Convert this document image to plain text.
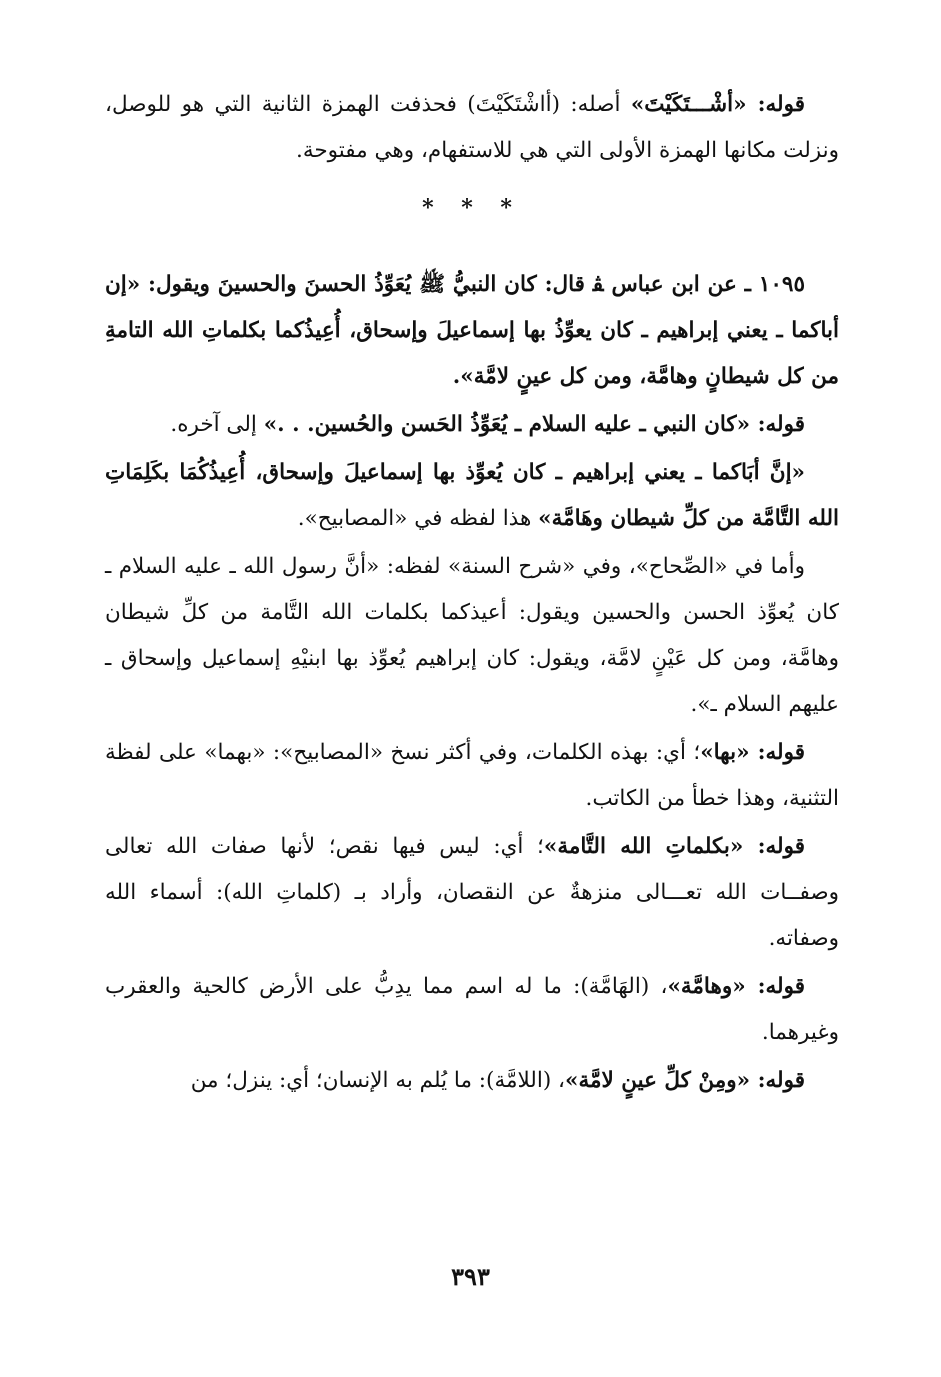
قوله: «أشْـــتَكَيْتَ» أصله: (أاشْتَكَيْتَ) فحذفت الهمزة الثانية التي هو للوصل، ونزلت مكانها الهمزة الأولى التي هي للاستفهام، وهي مفتوحة.

* * *

١٠٩٥ ـ عن ابن عباس ﭭ قال: كان النبيُّ ﷺ يُعَوِّذُ الحسنَ والحسينَ ويقول: «إن أباكما ـ يعني إبراهيم ـ كان يعوِّذُ بها إسماعيلَ وإسحاق، أُعِيذُكما بكلماتِ الله التامةِ من كل شيطانٍ وهامَّة، ومن كل عينٍ لامَّة».

قوله: «كان النبي ـ عليه السلام ـ يُعَوِّذُ الحَسن والحُسين. . .» إلى آخره.

«إنَّ أبَاكما ـ يعني إبراهيم ـ كان يُعوِّذ بها إسماعيلَ وإسحاق، أُعِيذُكُمَا بكَلِمَاتِ الله التَّامَّة من كلِّ شيطان وهَامَّة» هذا لفظه في «المصابيح».

وأما في «الصِّحاح»، وفي «شرح السنة» لفظه: «أنَّ رسول الله ـ عليه السلام ـ كان يُعوِّذ الحسن والحسين ويقول: أعيذكما بكلمات الله التَّامة من كلِّ شيطان وهامَّة، ومن كل عَيْنٍ لامَّة، ويقول: كان إبراهيم يُعوِّذ بها ابنيْهِ إسماعيل وإسحاق ـ عليهم السلام ـ».

قوله: «بها»؛ أي: بهذه الكلمات، وفي أكثر نسخ «المصابيح»: «بهما» على لفظة التثنية، وهذا خطأ من الكاتب.

قوله: «بكلماتِ الله التَّامة»؛ أي: ليس فيها نقص؛ لأنها صفات الله تعالى وصفــات الله تعـــالى منزهةٌ عن النقصان، وأراد بـ (كلماتِ الله): أسماء الله وصفاته.

قوله: «وهامَّة»، (الهَامَّة): ما له اسم مما يدِبُّ على الأرض كالحية والعقرب وغيرهما.

قوله: «ومِنْ كلِّ عينٍ لامَّة»، (اللامَّة): ما يُلم به الإنسان؛ أي: ينزل؛ من

٣٩٣
